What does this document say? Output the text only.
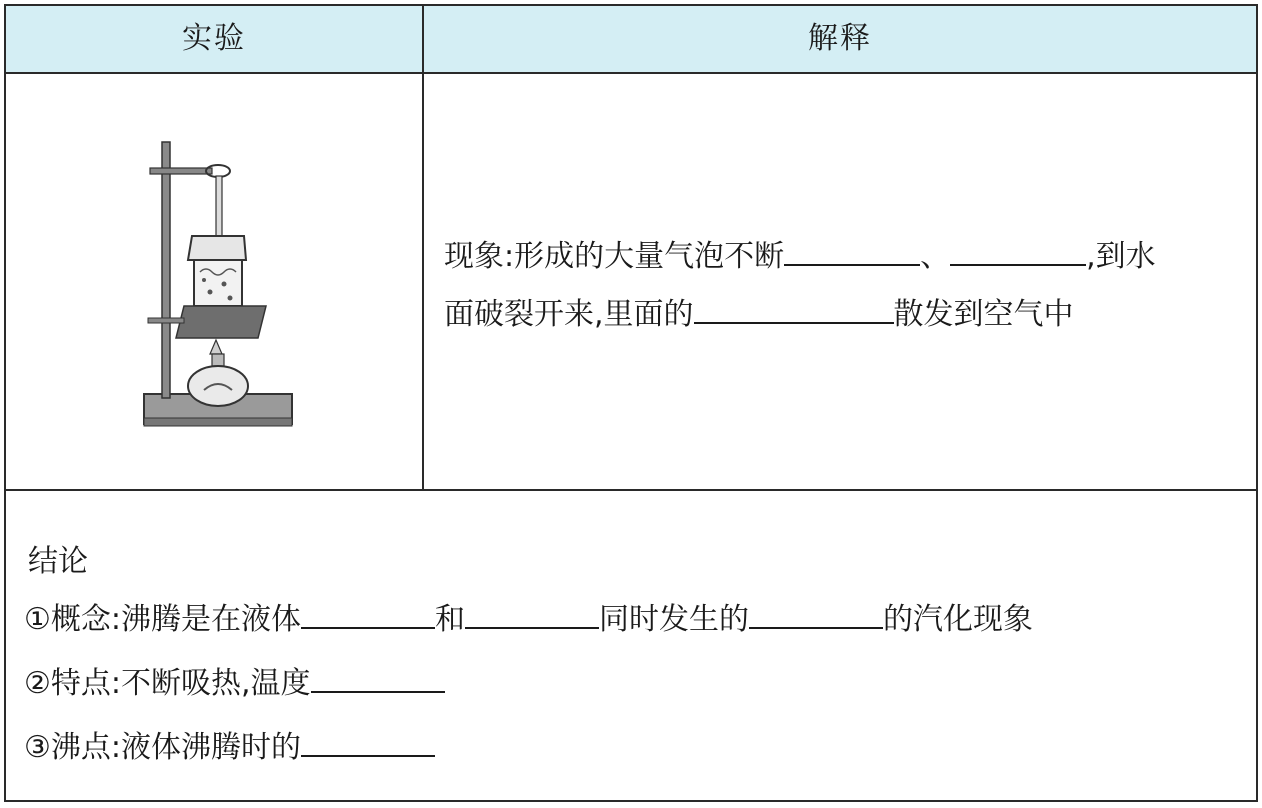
实验	解释
现象:形成的大量气泡不断	、	,到水
面破裂开来,里面的	散发到空气中
结论
①概念:沸腾是在液体	和	同时发生的	的汽化现象
②特点:不断吸热,温度
③沸点:液体沸腾时的
